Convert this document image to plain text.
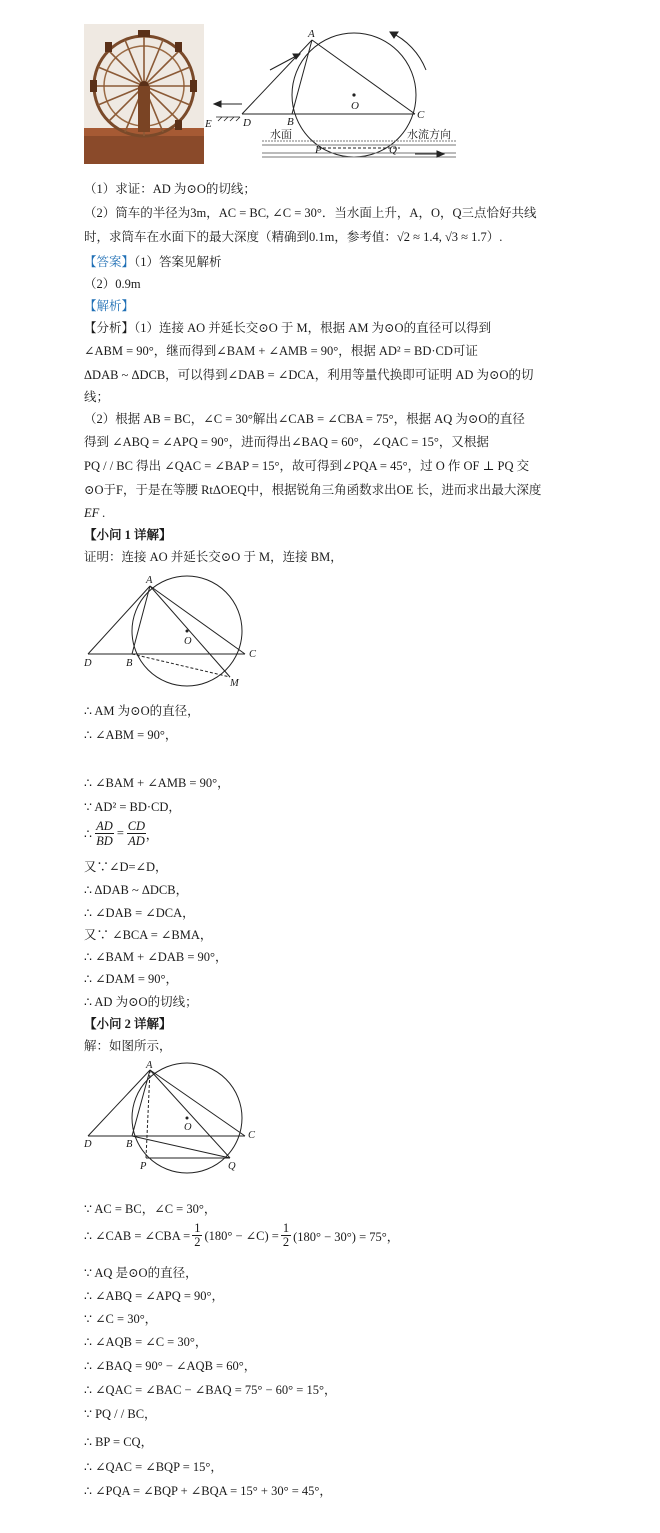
A
O
B
C
D
E
P	Q
水面	水流方向
（1）求证：AD 为⊙O的切线；
（2）筒车的半径为3m，AC = BC, ∠C = 30°．当水面上升，A，O，Q三点恰好共线
时，求筒车在水面下的最大深度（精确到0.1m，参考值：√2 ≈ 1.4, √3 ≈ 1.7）.
【答案】（1）答案见解析
（2）0.9m
【解析】
【分析】（1）连接 AO 并延长交⊙O 于 M，根据 AM 为⊙O的直径可以得到
∠ABM = 90°，继而得到∠BAM + ∠AMB = 90°，根据 AD² = BD·CD可证
ΔDAB ~ ΔDCB，可以得到∠DAB = ∠DCA，利用等量代换即可证明 AD 为⊙O的切
线；
（2）根据 AB = BC，∠C = 30°解出∠CAB = ∠CBA = 75°，根据 AQ 为⊙O的直径
得到 ∠ABQ = ∠APQ = 90°，进而得出∠BAQ = 60°，∠QAC = 15°，又根据
PQ / / BC 得出 ∠QAC = ∠BAP = 15°，故可得到∠PQA = 45°，过 O 作 OF ⊥ PQ 交
⊙O于F，于是在等腰 RtΔOEQ中，根据锐角三角函数求出OE 长，进而求出最大深度
EF .
【小问 1 详解】
证明：连接 AO 并延长交⊙O 于 M，连接 BM，
A
O
B
C
D
M
∴ AM 为⊙O的直径，
∴ ∠ABM = 90°，
∴ ∠BAM + ∠AMB = 90°，
∵ AD² = BD·CD，
∴ $\frac{AD}{BD} = \frac{CD}{AD}$ ，
又∵∠D=∠D，
∴ ΔDAB ~ ΔDCB，
∴ ∠DAB = ∠DCA，
又∵ ∠BCA = ∠BMA，
∴ ∠BAM + ∠DAB = 90°，
∴ ∠DAM = 90°，
∴ AD 为⊙O的切线；
【小问 2 详解】
解：如图所示，
A
O
B
C
D
P	Q
∵ AC = BC，∠C = 30°，
∴ ∠CAB = ∠CBA = $\frac{1}{2} (180^\circ$ − ∠C) = $\frac{1}{2} (180^\circ - 30^\circ) = 75^\circ$，
∵ AQ 是⊙O的直径，
∴ ∠ABQ = ∠APQ = 90°，
∵ ∠C = 30°，
∴ ∠AQB = ∠C = 30°，
∴ ∠BAQ = 90° − ∠AQB = 60°，
∴ ∠QAC = ∠BAC − ∠BAQ = 75° − 60° = 15°，
∵ PQ / / BC，
∴ BP = CQ，
∴ ∠QAC = ∠BQP = 15°，
∴ ∠PQA = ∠BQP + ∠BQA = 15° + 30° = 45°，
